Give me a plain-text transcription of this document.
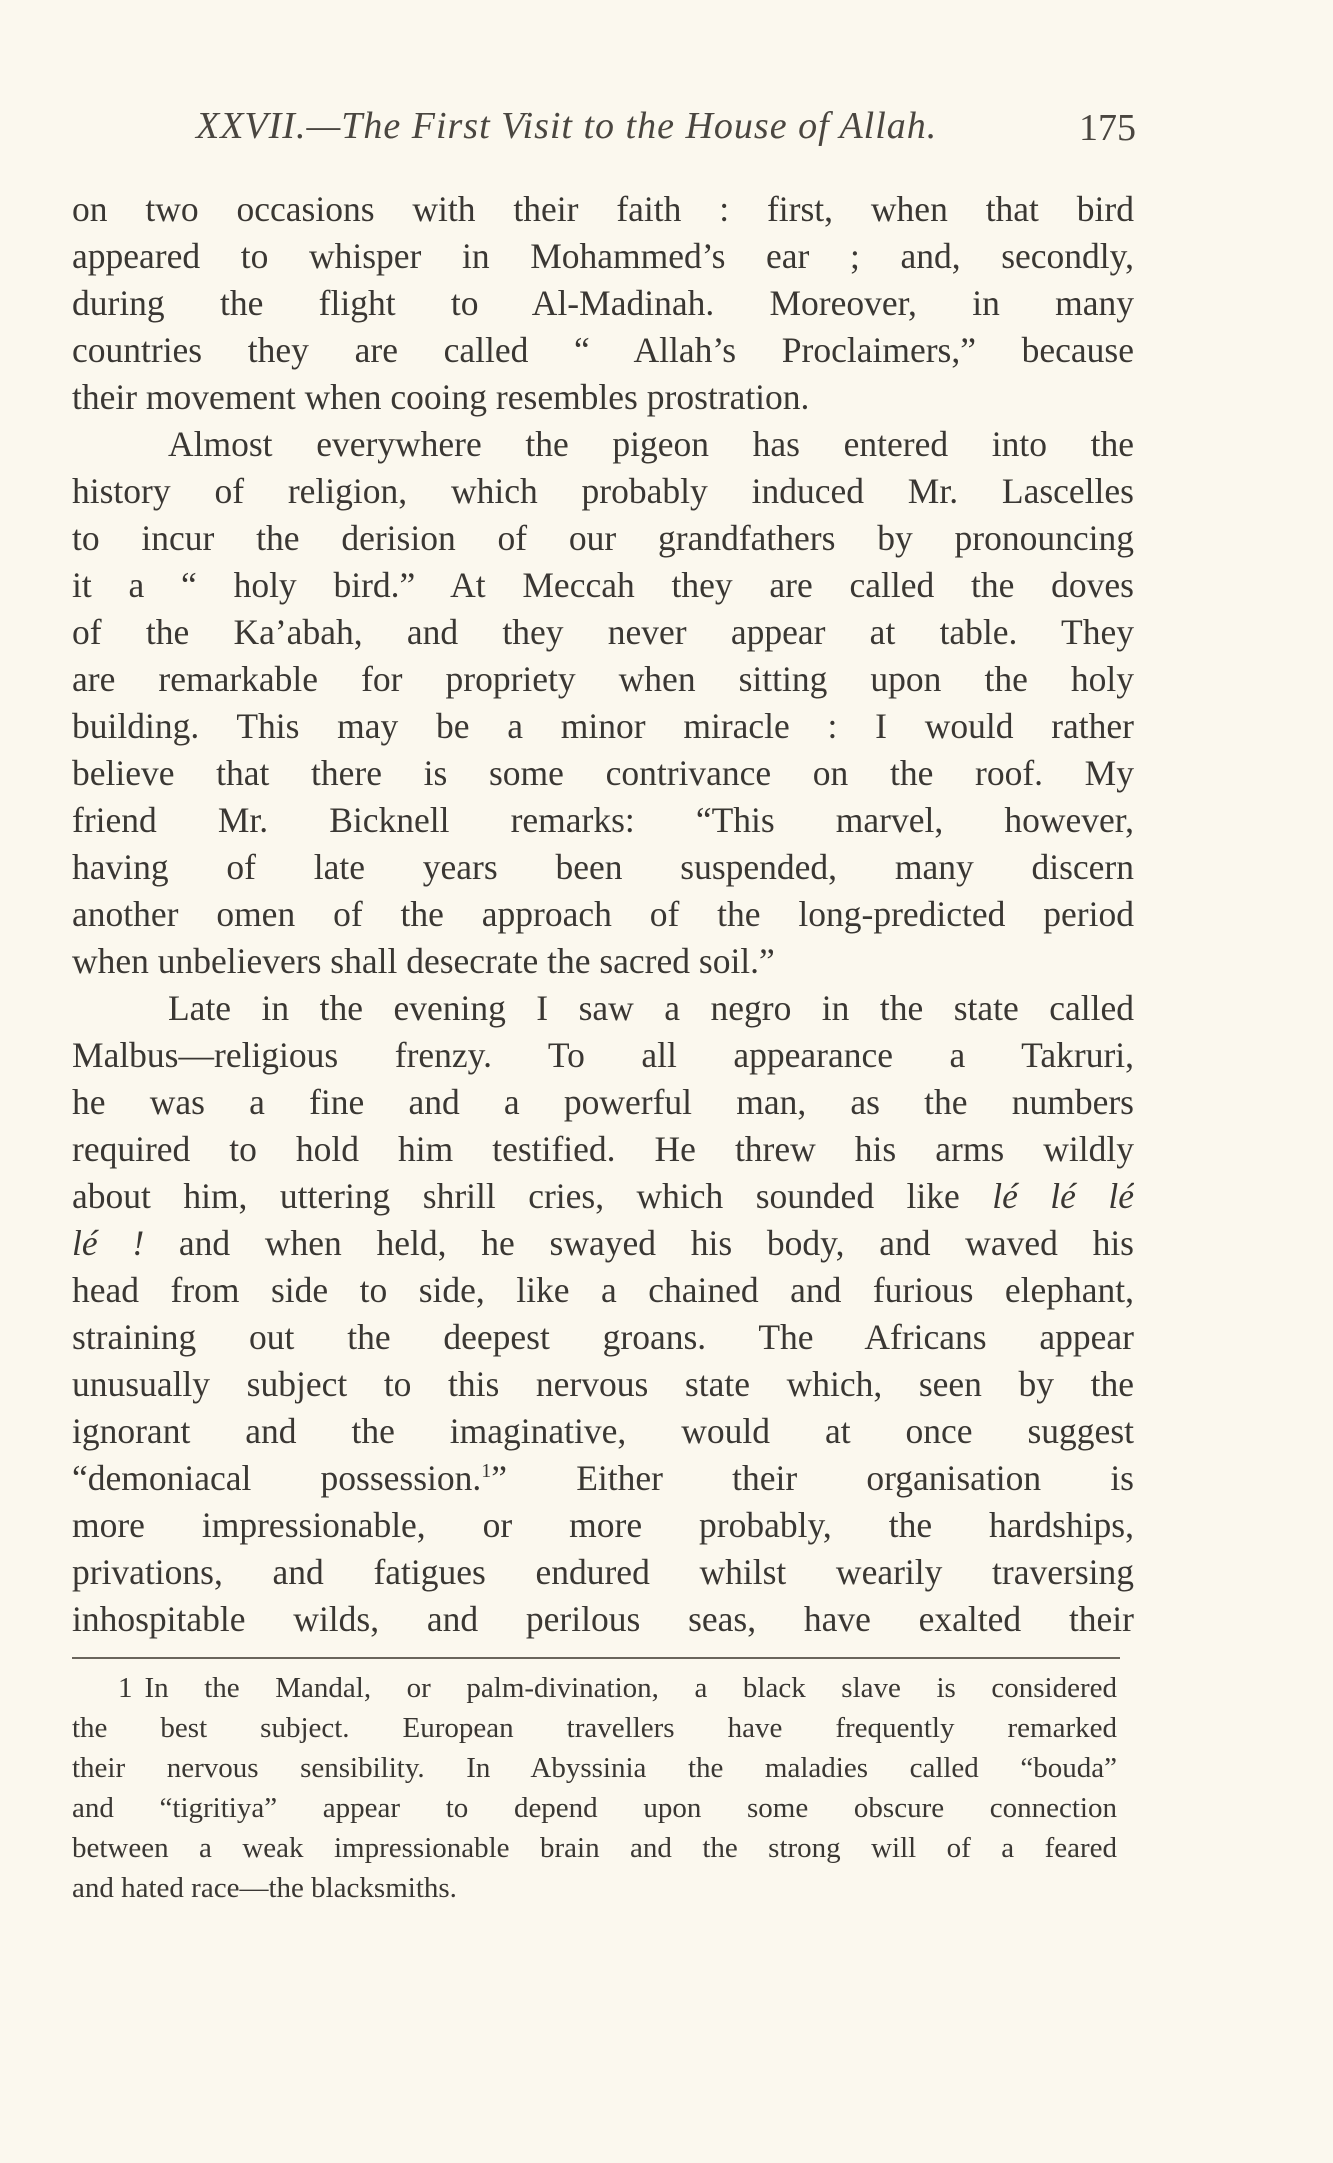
XXVII.—The First Visit to the House of Allah.	175
on two occasions with their faith : first, when that bird
appeared to whisper in Mohammed’s ear ; and, secondly,
during the flight to Al-Madinah. Moreover, in many
countries they are called “ Allah’s Proclaimers,” because
their movement when cooing resembles prostration.
Almost everywhere the pigeon has entered into the
history of religion, which probably induced Mr. Lascelles
to incur the derision of our grandfathers by pronouncing
it a “ holy bird.” At Meccah they are called the doves
of the Ka’abah, and they never appear at table. They
are remarkable for propriety when sitting upon the holy
building. This may be a minor miracle : I would rather
believe that there is some contrivance on the roof. My
friend Mr. Bicknell remarks: “This marvel, however,
having of late years been suspended, many discern
another omen of the approach of the long-predicted period
when unbelievers shall desecrate the sacred soil.”
Late in the evening I saw a negro in the state called
Malbus—religious frenzy. To all appearance a Takruri,
he was a fine and a powerful man, as the numbers
required to hold him testified. He threw his arms wildly
about him, uttering shrill cries, which sounded like lé lé lé
lé ! and when held, he swayed his body, and waved his
head from side to side, like a chained and furious elephant,
straining out the deepest groans. The Africans appear
unusually subject to this nervous state which, seen by the
ignorant and the imaginative, would at once suggest
“demoniacal possession.$^1$” Either their organisation is
more impressionable, or more probably, the hardships,
privations, and fatigues endured whilst wearily traversing
inhospitable wilds, and perilous seas, have exalted their
1 In the Mandal, or palm-divination, a black slave is considered
the best subject. European travellers have frequently remarked
their nervous sensibility. In Abyssinia the maladies called “bouda”
and “tigritiya” appear to depend upon some obscure connection
between a weak impressionable brain and the strong will of a feared
and hated race—the blacksmiths.
